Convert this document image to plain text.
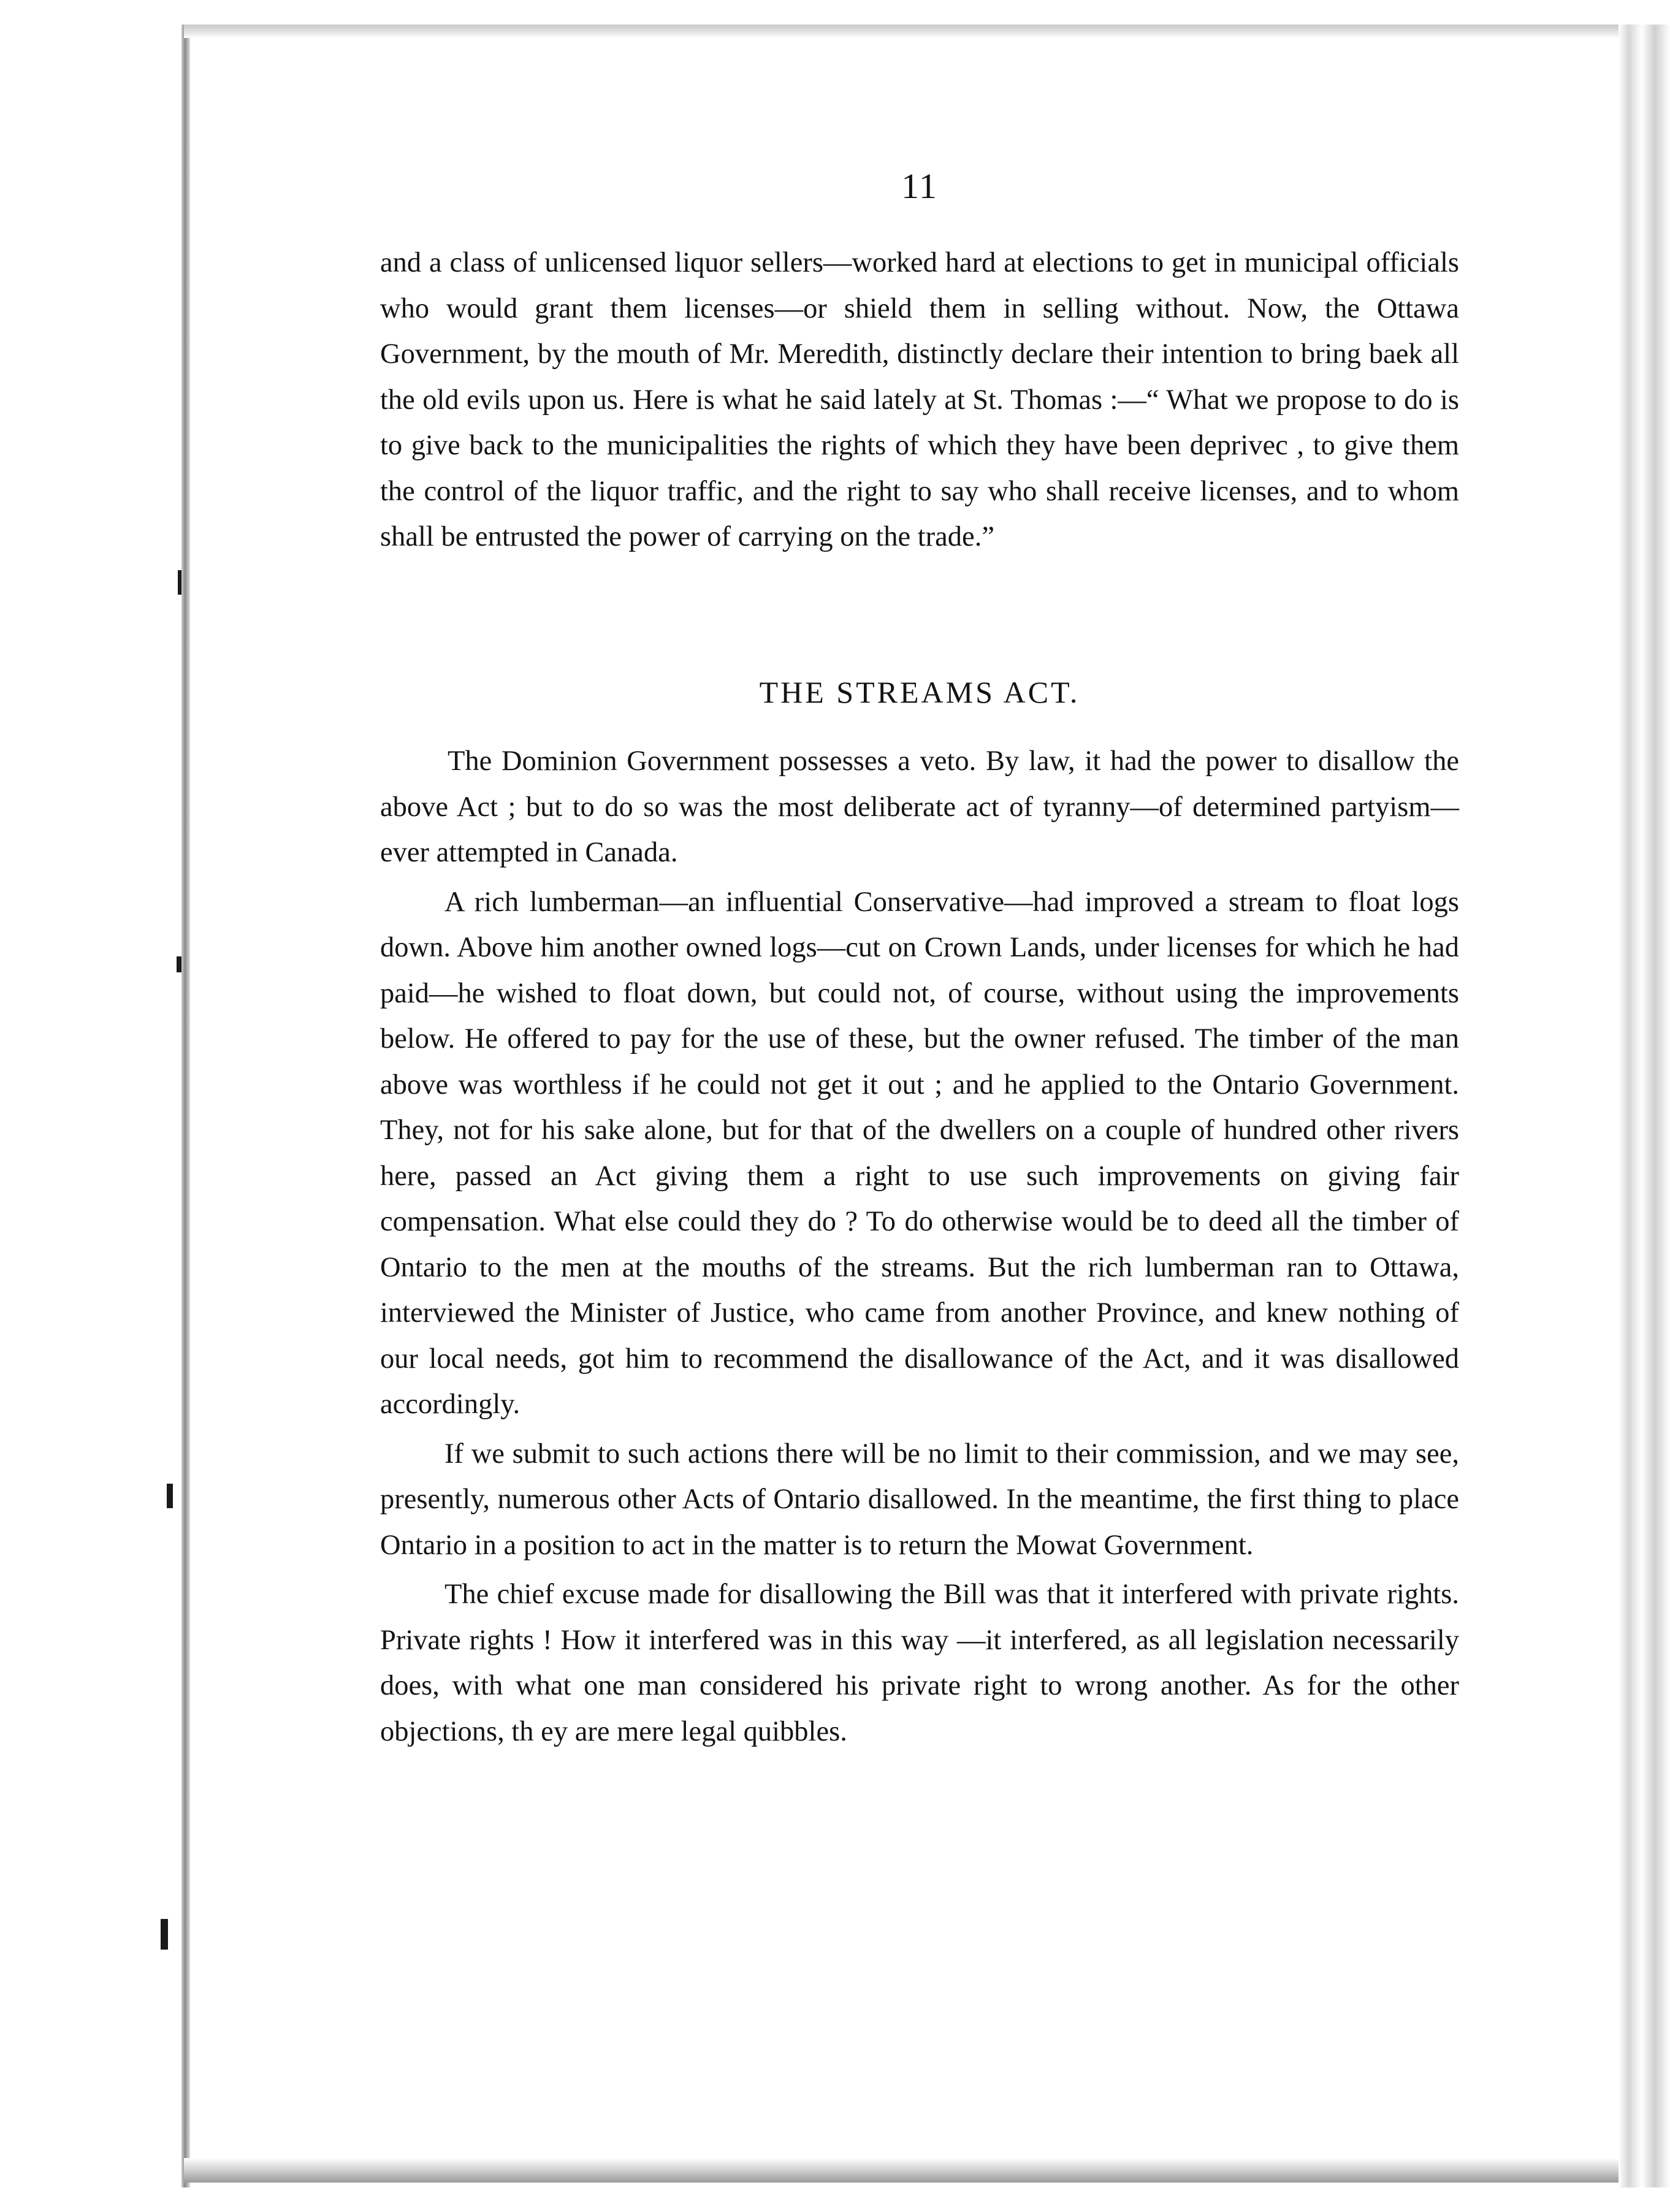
11

and a class of unlicensed liquor sellers—worked hard at elections to get in municipal officials who would grant them licenses—or shield them in selling without. Now, the Ottawa Government, by the mouth of Mr. Meredith, distinctly declare their intention to bring baek all the old evils upon us. Here is what he said lately at St. Thomas :—“ What we propose to do is to give back to the municipalities the rights of which they have been deprivec , to give them the control of the liquor traffic, and the right to say who shall receive licenses, and to whom shall be entrusted the power of carrying on the trade.”

THE STREAMS ACT.

The Dominion Government possesses a veto. By law, it had the power to disallow the above Act ; but to do so was the most deliberate act of tyranny—of determined partyism—ever attempted in Canada.

A rich lumberman—an influential Conservative—had improved a stream to float logs down. Above him another owned logs—cut on Crown Lands, under licenses for which he had paid—he wished to float down, but could not, of course, without using the improvements below. He offered to pay for the use of these, but the owner refused. The timber of the man above was worthless if he could not get it out ; and he applied to the Ontario Government. They, not for his sake alone, but for that of the dwellers on a couple of hundred other rivers here, passed an Act giving them a right to use such improvements on giving fair compensation. What else could they do ? To do otherwise would be to deed all the timber of Ontario to the men at the mouths of the streams. But the rich lumberman ran to Ottawa, interviewed the Minister of Justice, who came from another Province, and knew nothing of our local needs, got him to recommend the disallowance of the Act, and it was disallowed accordingly.

If we submit to such actions there will be no limit to their commission, and we may see, presently, numerous other Acts of Ontario disallowed. In the meantime, the first thing to place Ontario in a position to act in the matter is to return the Mowat Government.

The chief excuse made for disallowing the Bill was that it interfered with private rights. Private rights ! How it interfered was in this way —it interfered, as all legislation necessarily does, with what one man considered his private right to wrong another. As for the other objections, th ey are mere legal quibbles.
